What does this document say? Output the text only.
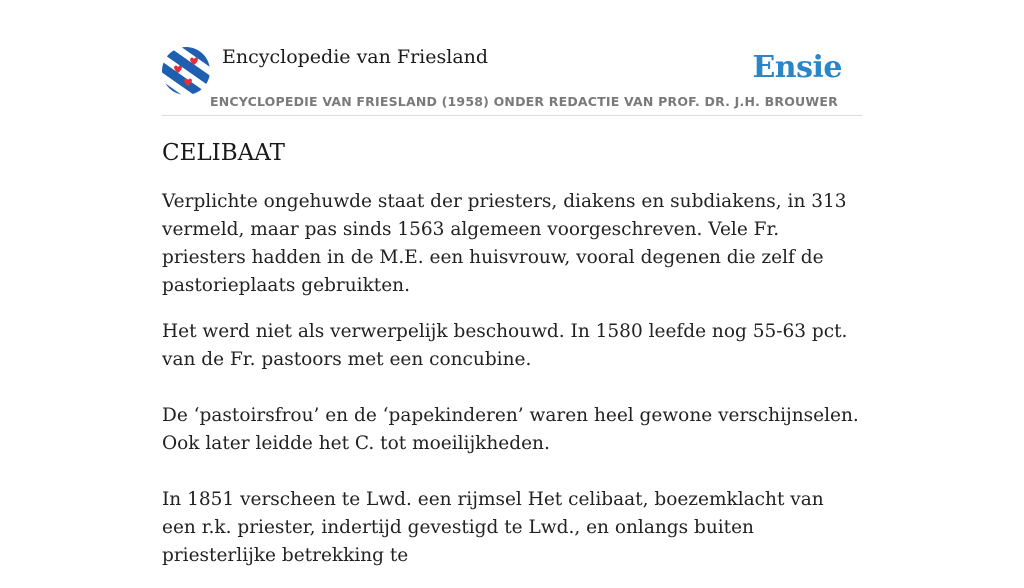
Encyclopedie van Friesland	Ensie
ENCYCLOPEDIE VAN FRIESLAND (1958) ONDER REDACTIE VAN PROF. DR. J.H. BROUWER
CELIBAAT

Verplichte ongehuwde staat der priesters, diakens en subdiakens, in 313 vermeld, maar pas sinds 1563 algemeen voorgeschreven. Vele Fr. priesters hadden in de M.E. een huisvrouw, vooral degenen die zelf de pastorieplaats gebruikten.

Het werd niet als verwerpelijk beschouwd. In 1580 leefde nog 55-63 pct. van de Fr. pastoors met een concubine.

De ‘pastoirsfrou’ en de ‘papekinderen’ waren heel gewone verschijnselen. Ook later leidde het C. tot moeilijkheden.

In 1851 verscheen te Lwd. een rijmsel Het celibaat, boezemklacht van een r.k. priester, indertijd gevestigd te Lwd., en onlangs buiten priesterlijke betrekking te
